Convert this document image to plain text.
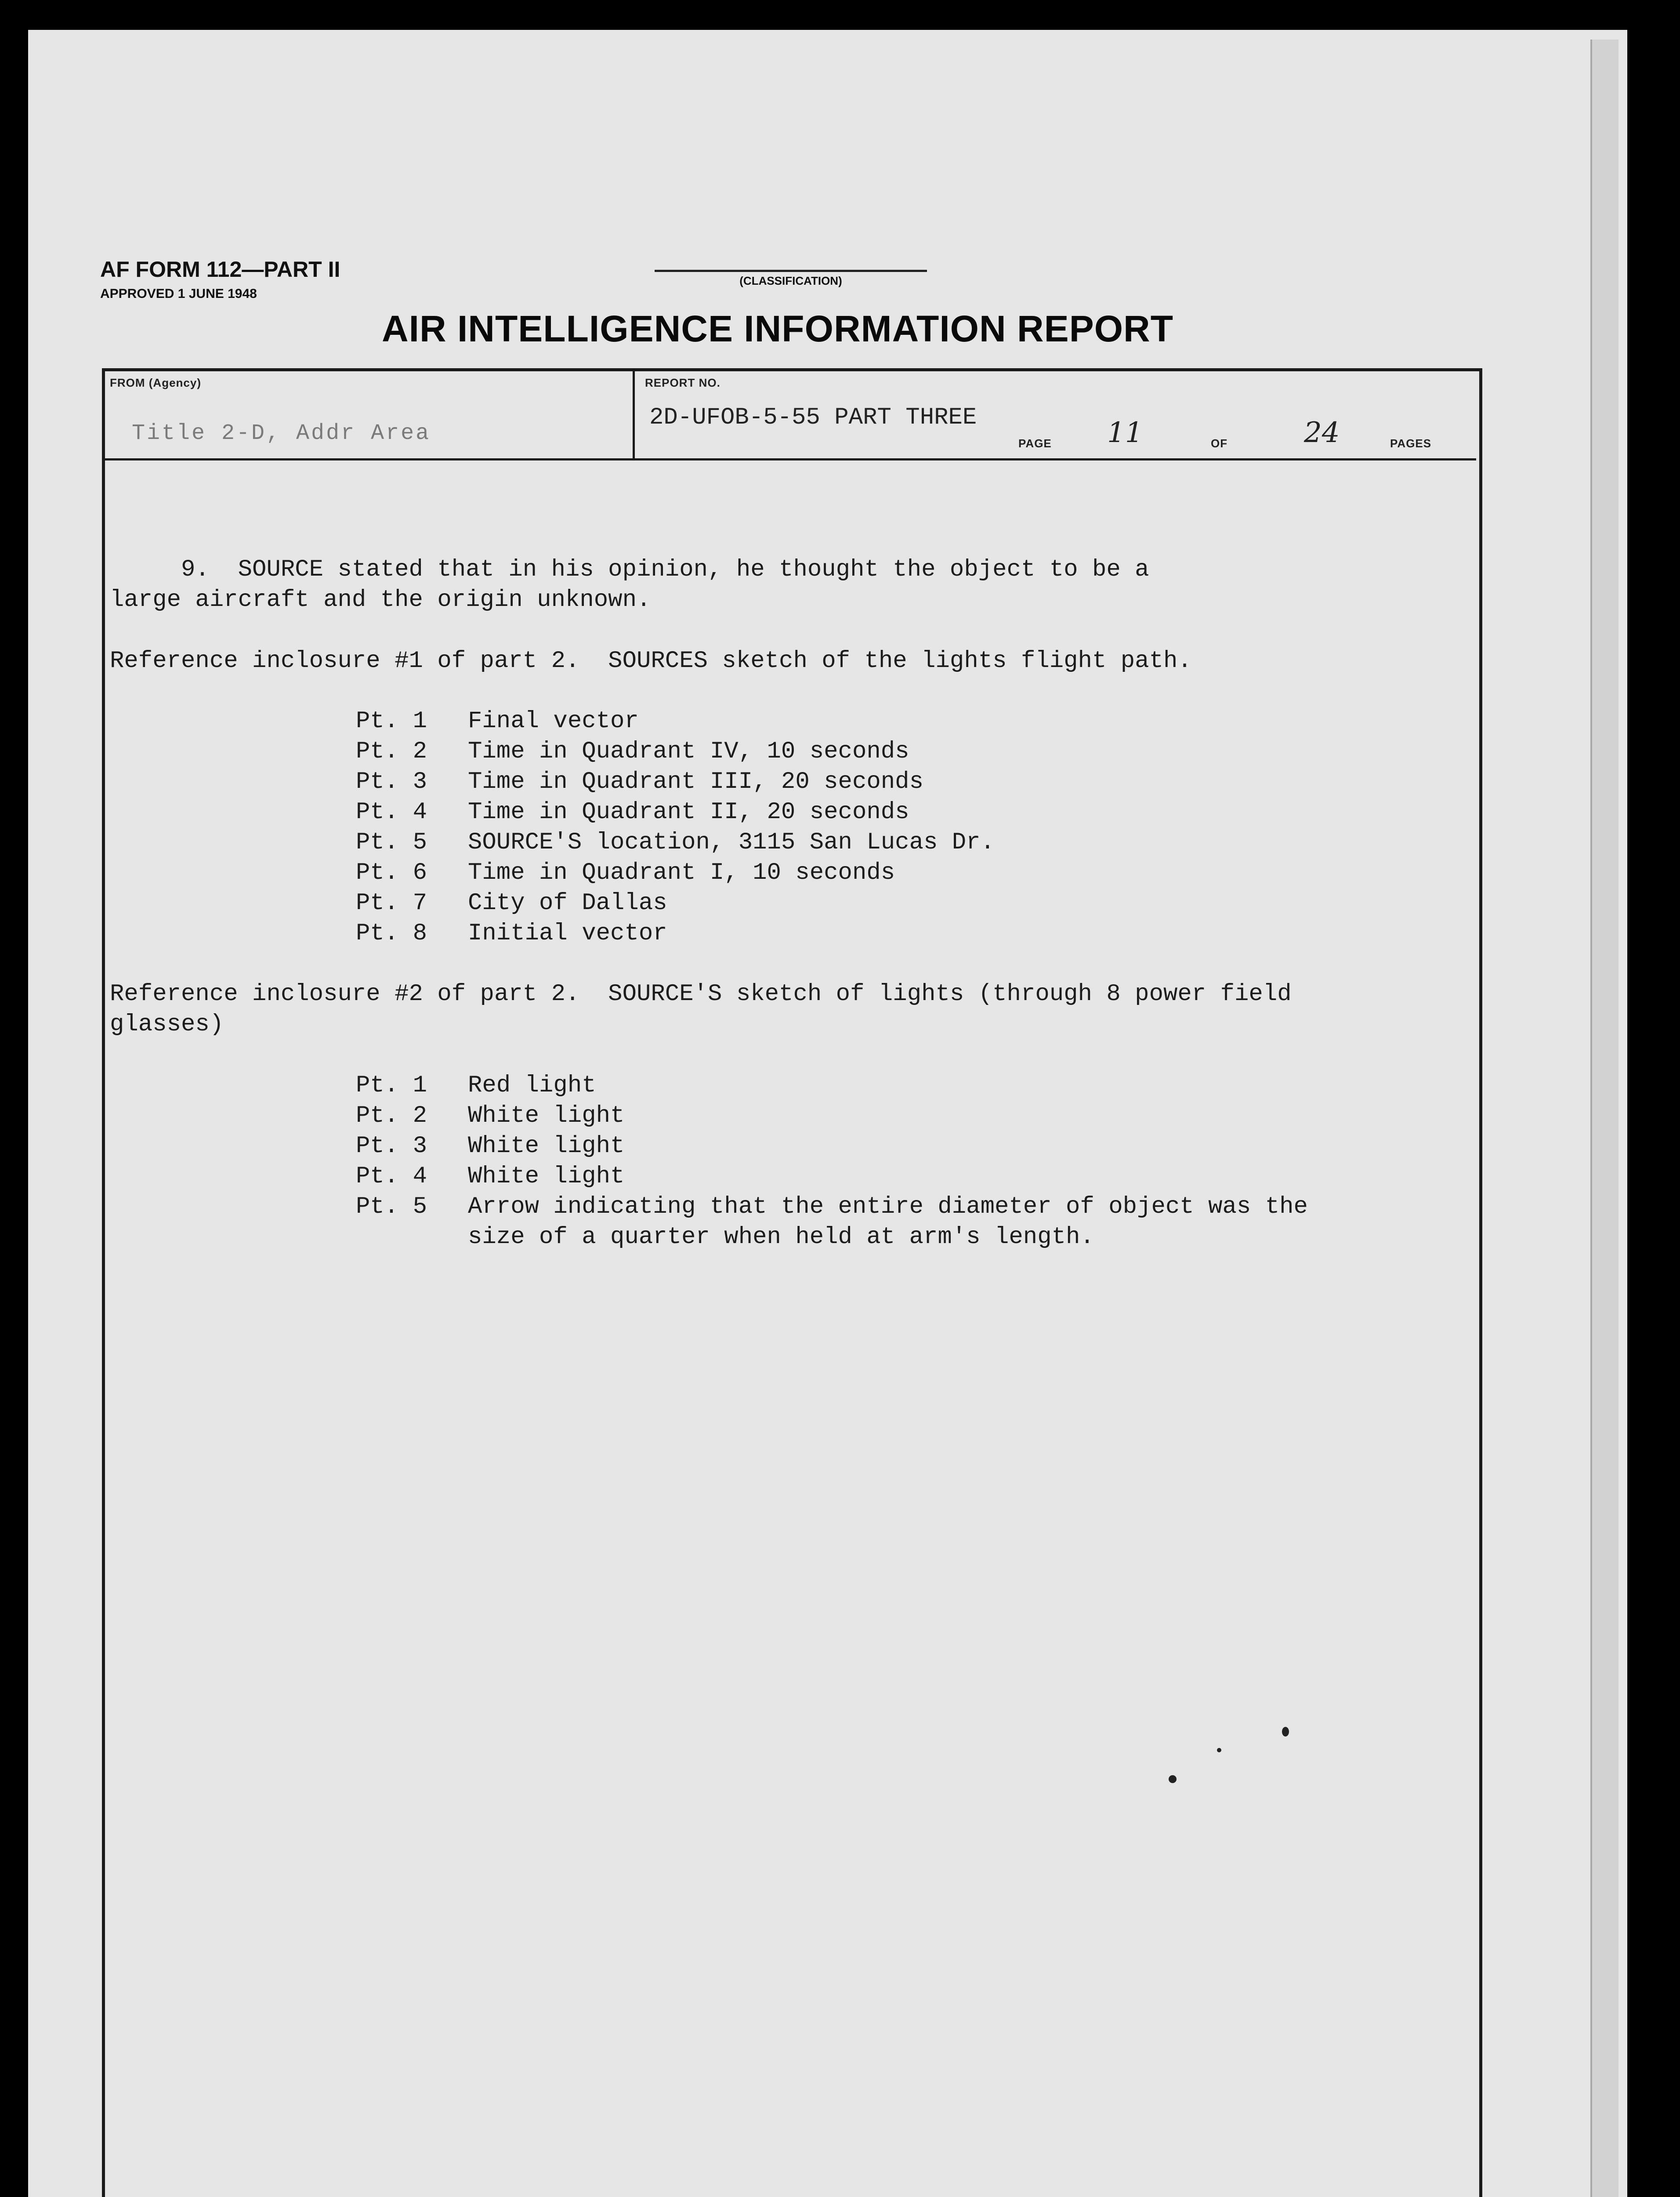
AF FORM 112—PART II
APPROVED 1 JUNE 1948
(CLASSIFICATION)
AIR INTELLIGENCE INFORMATION REPORT
FROM (Agency)
Title 2-D, Addr Area
REPORT NO.
2D-UFOB-5-55 PART THREE
PAGE 11	OF	24	PAGES
9.  SOURCE stated that in his opinion, he thought the object to be a
large aircraft and the origin unknown.
Reference inclosure #1 of part 2.  SOURCES sketch of the lights flight path.
Pt. 1 Final vector
Pt. 2 Time in Quadrant IV, 10 seconds
Pt. 3 Time in Quadrant III, 20 seconds
Pt. 4 Time in Quadrant II, 20 seconds
Pt. 5 SOURCE'S location, 3115 San Lucas Dr.
Pt. 6 Time in Quadrant I, 10 seconds
Pt. 7 City of Dallas
Pt. 8 Initial vector
Reference inclosure #2 of part 2.  SOURCE'S sketch of lights (through 8 power field
glasses)
Pt. 1 Red light
Pt. 2 White light
Pt. 3 White light
Pt. 4 White light
Pt. 5 Arrow indicating that the entire diameter of object was the
size of a quarter when held at arm's length.
